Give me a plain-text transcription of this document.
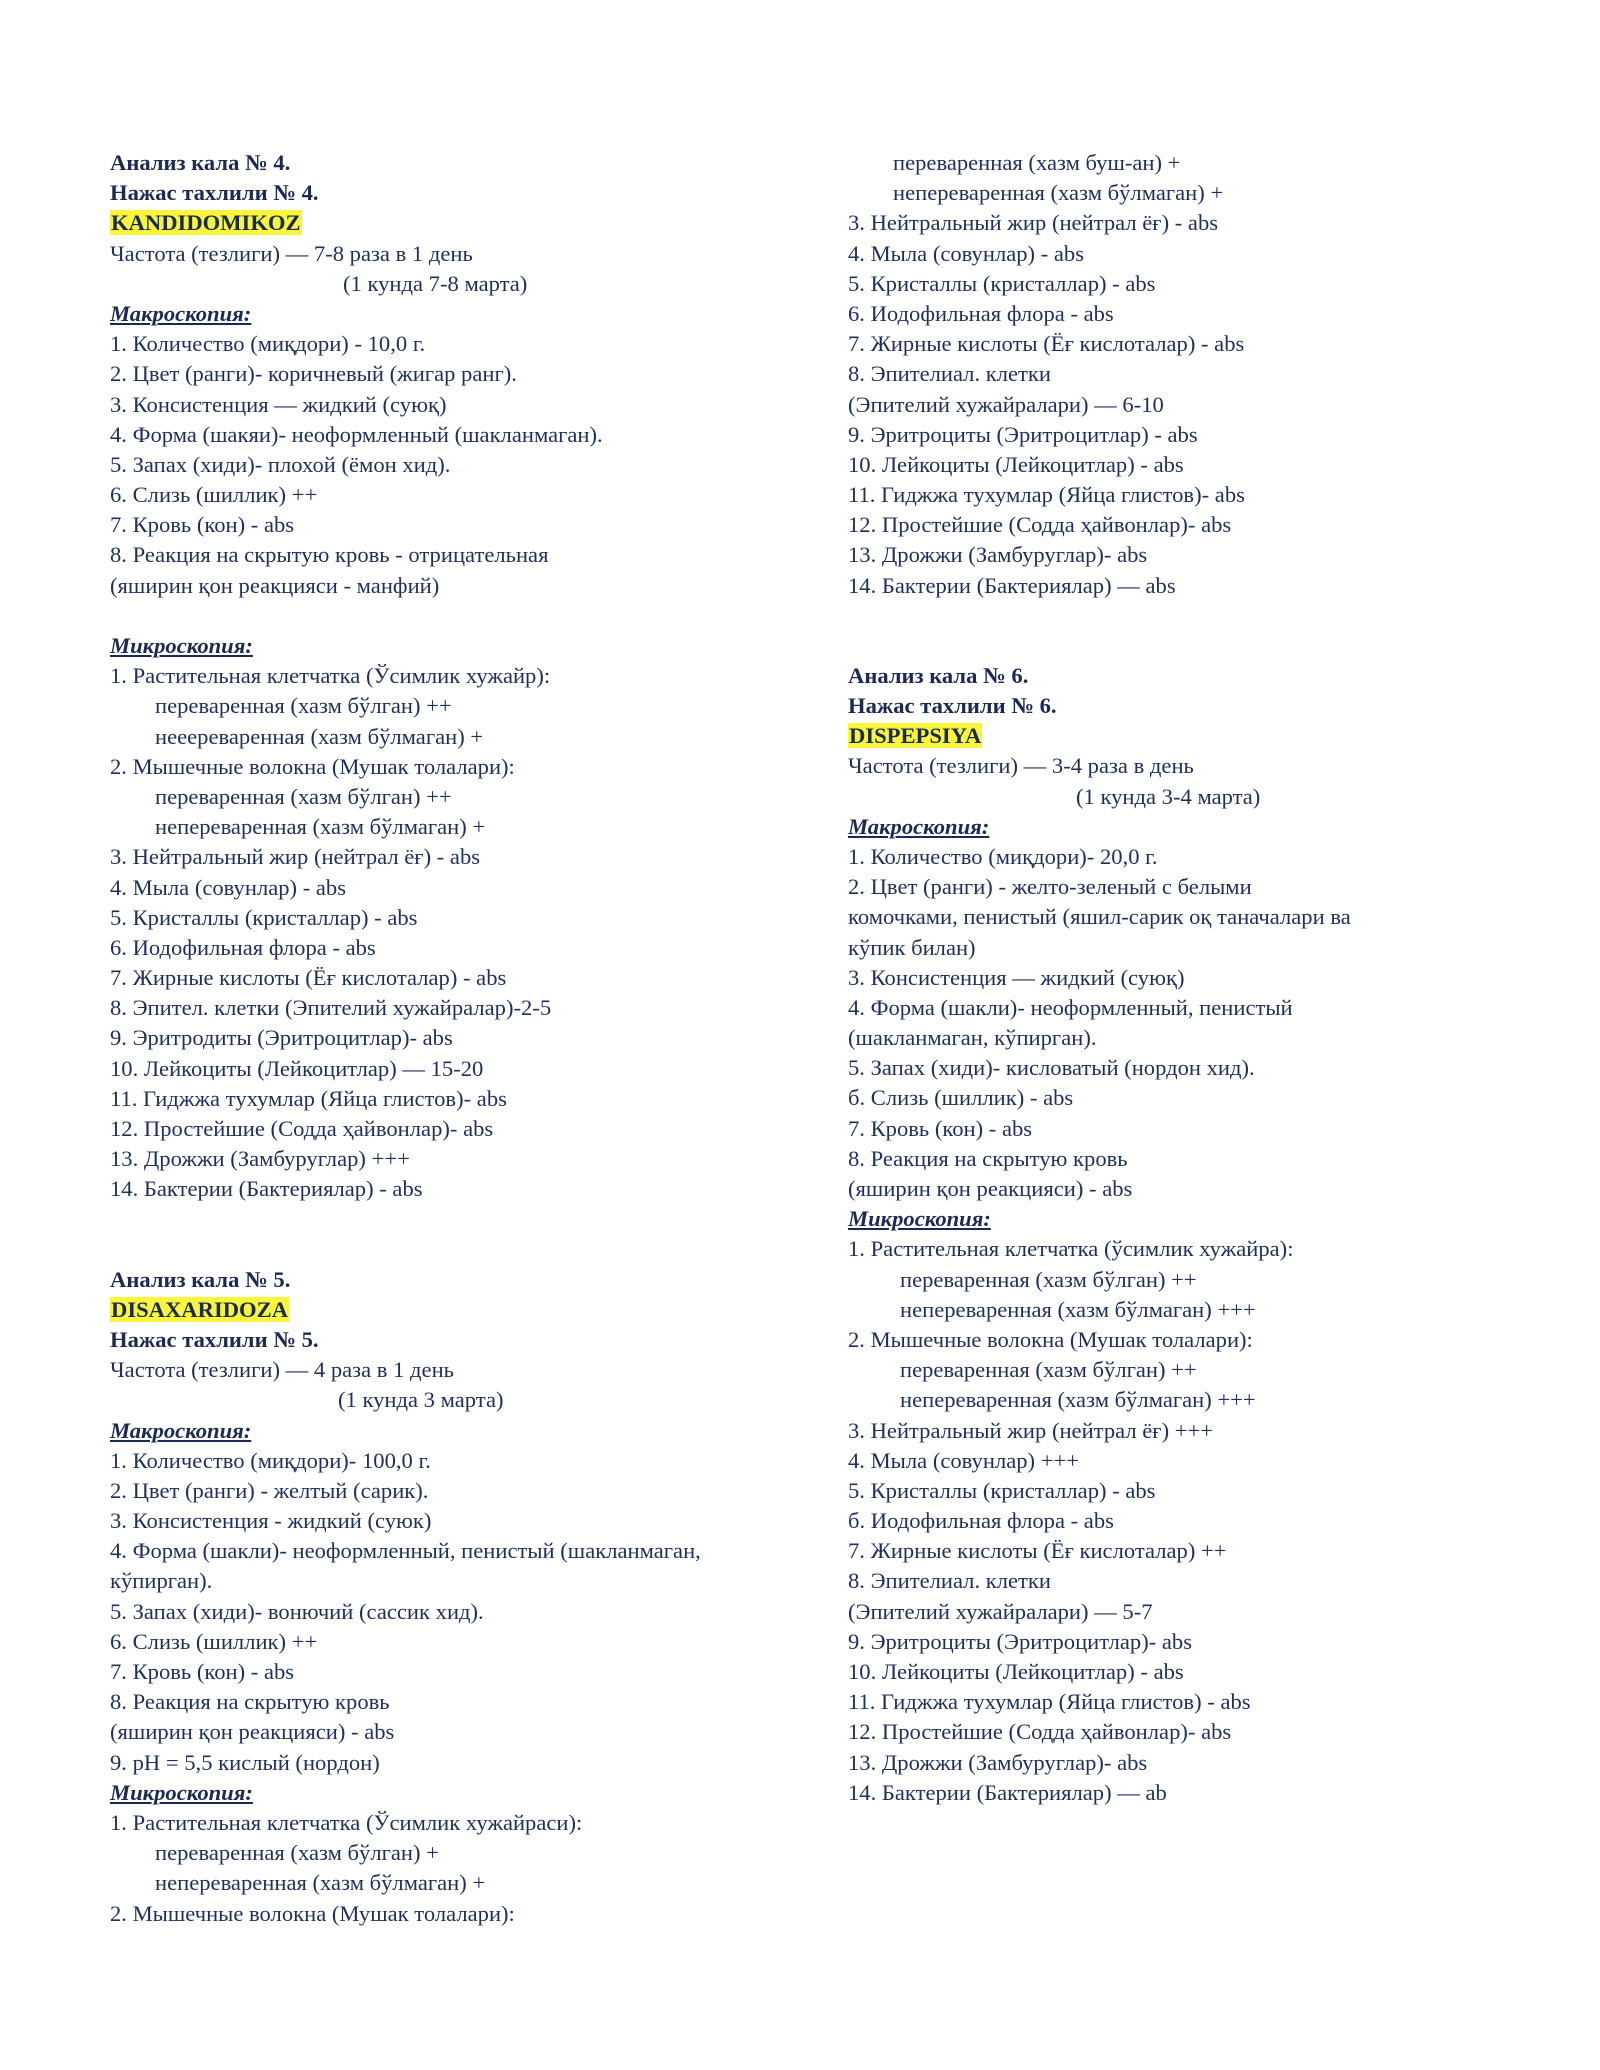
Анализ кала № 4.
Нажас тахлили № 4.
KANDIDOMIKOZ
Частота (тезлиги) — 7-8 раза в 1 день
(1 кунда 7-8 марта)
Макроскопия:
1. Количество (миқдори) - 10,0 г.
2. Цвет (ранги)- коричневый (жигар ранг).
3. Консистенция — жидкий (суюқ)
4. Форма (шакяи)- неоформленный (шакланмаган).
5. Запах (хиди)- плохой (ёмон хид).
6. Слизь (шиллик) ++
7. Кровь (кон) - abs
8. Реакция на скрытую кровь - отрицательная
(яширин қон реакцияси - манфий)
Микроскопия:
1. Растительная клетчатка (Ўсимлик хужайр):
переваренная (хазм бўлган) ++
нееереваренная (хазм бўлмаган) +
2. Мышечные волокна (Мушак толалари):
переваренная (хазм бўлган) ++
непереваренная (хазм бўлмаган) +
3. Нейтральный жир (нейтрал ёғ) - abs
4. Мыла (совунлар) - abs
5. Кристаллы (кристаллар) - abs
6. Иодофильная флора - abs
7. Жирные кислоты (Ёғ кислоталар) - abs
8. Эпител. клетки (Эпителий хужайралар)-2-5
9. Эритродиты (Эритроцитлар)- abs
10. Лейкоциты (Лейкоцитлар) — 15-20
11. Гиджжа тухумлар (Яйца глистов)- abs
12. Простейшие (Содда ҳайвонлар)- abs
13. Дрожжи (Замбуруглар) +++
14. Бактерии (Бактериялар) - abs
Анализ кала № 5.
DISAXARIDOZA
Нажас тахлили № 5.
Частота (тезлиги) — 4 раза в 1 день
(1 кунда 3 марта)
Макроскопия:
1. Количество (миқдори)- 100,0 г.
2. Цвет (ранги) - желтый (сарик).
3. Консистенция - жидкий (суюк)
4. Форма (шакли)- неоформленный, пенистый (шакланмаган,
кўпирган).
5. Запах (хиди)- вонючий (сассик хид).
6. Слизь (шиллик) ++
7. Кровь (кон) - abs
8. Реакция на скрытую кровь
(яширин қон реакцияси) - abs
9. pH = 5,5 кислый (нордон)
Микроскопия:
1. Растительная клетчатка (Ўсимлик хужайраси):
переваренная (хазм бўлган) +
непереваренная (хазм бўлмаган) +
2. Мышечные волокна (Мушак толалари):
переваренная (хазм буш-ан) +
непереваренная (хазм бўлмаган) +
3. Нейтральный жир (нейтрал ёғ) - abs
4. Мыла (совунлар) - abs
5. Кристаллы (кристаллар) - abs
6. Иодофильная флора - abs
7. Жирные кислоты (Ёғ кислоталар) - abs
8. Эпителиал. клетки
(Эпителий хужайралари) — 6-10
9. Эритроциты (Эритроцитлар) - abs
10. Лейкоциты (Лейкоцитлар) - abs
11. Гиджжа тухумлар (Яйца глистов)- abs
12. Простейшие (Содда ҳайвонлар)- abs
13. Дрожжи (Замбуруглар)- abs
14. Бактерии (Бактериялар) — abs
Анализ кала № 6.
Нажас тахлили № 6.
DISPEPSIYA
Частота (тезлиги) — 3-4 раза в день
(1 кунда 3-4 марта)
Макроскопия:
1. Количество (миқдори)- 20,0 г.
2. Цвет (ранги) - желто-зеленый с белыми
комочками, пенистый (яшил-сарик оқ таначалари ва
кўпик билан)
3. Консистенция — жидкий (суюқ)
4. Форма (шакли)- неоформленный, пенистый
(шакланмаган, кўпирган).
5. Запах (хиди)- кисловатый (нордон хид).
б. Слизь (шиллик) - abs
7. Кровь (кон) - abs
8. Реакция на скрытую кровь
(яширин қон реакцияси) - abs
Микроскопия:
1. Растительная клетчатка (ўсимлик хужайра):
переваренная (хазм бўлган) ++
непереваренная (хазм бўлмаган) +++
2. Мышечные волокна (Мушак толалари):
переваренная (хазм бўлган) ++
непереваренная (хазм бўлмаган) +++
3. Нейтральный жир (нейтрал ёғ) +++
4. Мыла (совунлар) +++
5. Кристаллы (кристаллар) - abs
б. Иодофильная флора - abs
7. Жирные кислоты (Ёғ кислоталар) ++
8. Эпителиал. клетки
(Эпителий хужайралари) — 5-7
9. Эритроциты (Эритроцитлар)- abs
10. Лейкоциты (Лейкоцитлар) - abs
11. Гиджжа тухумлар (Яйца глистов) - abs
12. Простейшие (Содда ҳайвонлар)- abs
13. Дрожжи (Замбуруглар)- abs
14. Бактерии (Бактериялар) — ab
